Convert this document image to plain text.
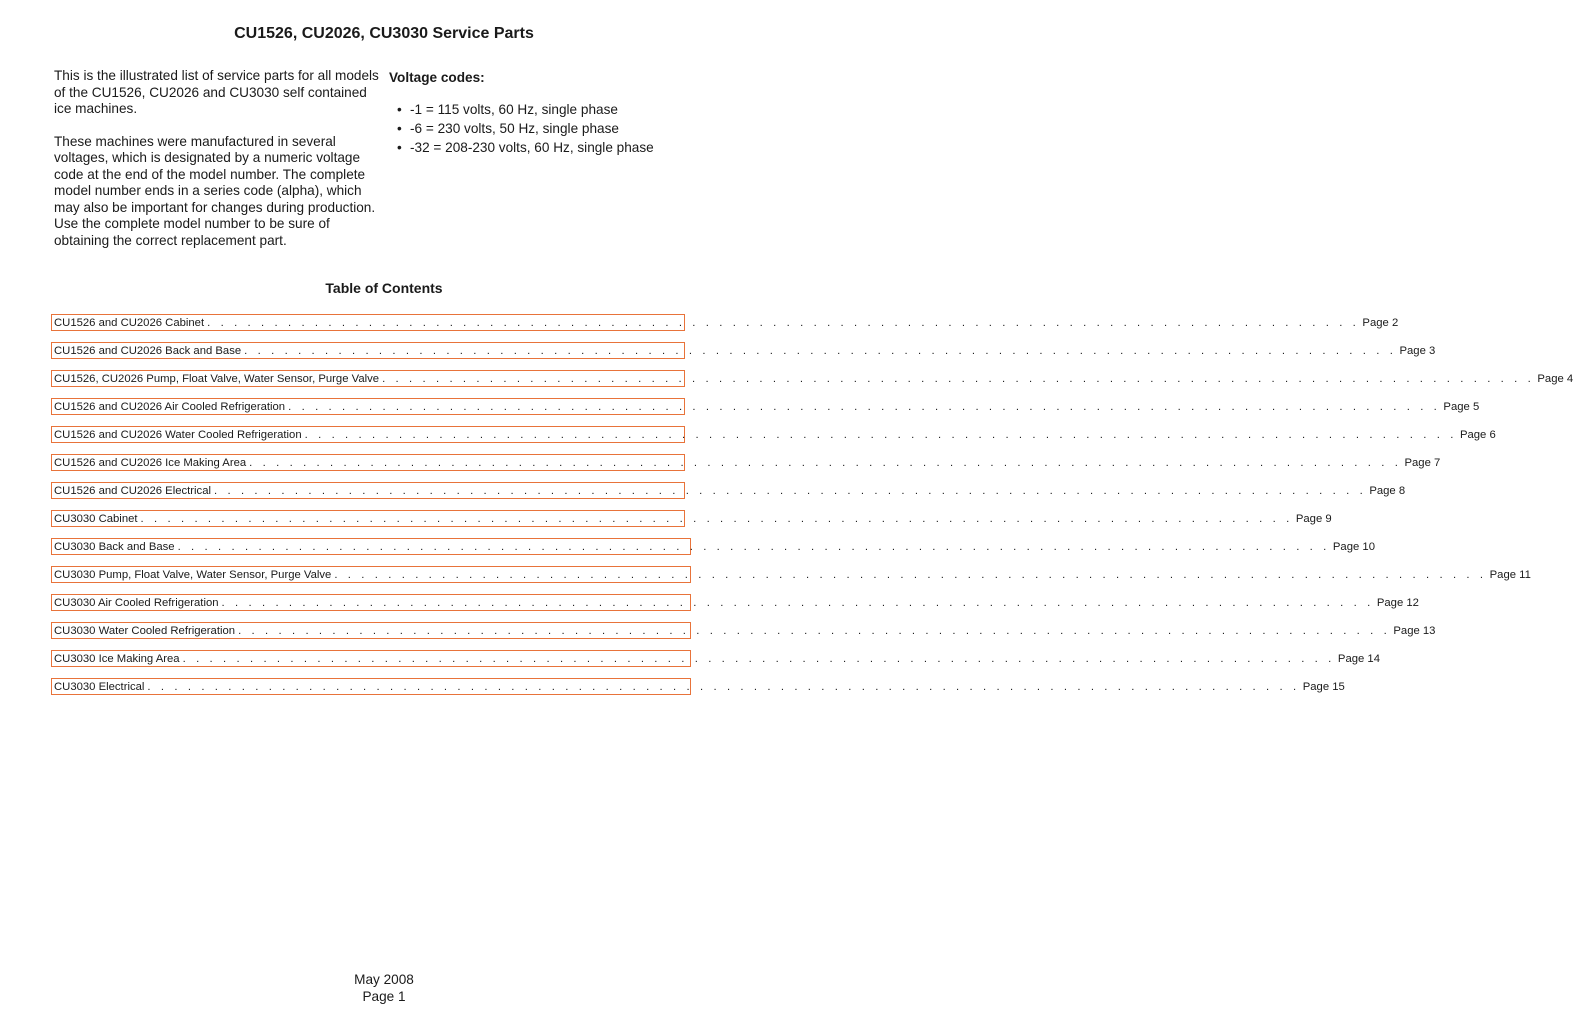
CU1526, CU2026, CU3030 Service Parts

This is the illustrated list of service parts for all models of the CU1526, CU2026 and CU3030 self contained ice machines.

These machines were manufactured in several voltages, which is designated by a numeric voltage code at the end of the model number. The complete model number ends in a series code (alpha), which may also be important for changes during production. Use the complete model number to be sure of obtaining the correct replacement part.

Voltage codes:
• -1 = 115 volts, 60 Hz, single phase
• -6 = 230 volts, 50 Hz, single phase
• -32 = 208-230 volts, 60 Hz, single phase
Table of Contents
CU1526 and CU2026 Cabinet . . . . . . . . . . . . . . . . . . . . . . . . . . . . . . . . . . . . . . . . . . . . . . . . . . . . . . . . . . . . . . . . . . . . . . . . . . . . . . . . . . . . . . Page 2
CU1526 and CU2026 Back and Base . . . . . . . . . . . . . . . . . . . . . . . . . . . . . . . . . . . . . . . . . . . . . . . . . . . . . . . . . . . . . . . . . . . . . . . . . . . . . . . . . . . . . . Page 3
CU1526, CU2026 Pump, Float Valve, Water Sensor, Purge Valve . . . . . . . . . . . . . . . . . . . . . . . . . . . . . . . . . . . . . . . . . . . . . . . . . . . . . . . . . . . . . . . . . . . . . . . . . . . . . . . . . . . . . . Page 4
CU1526 and CU2026 Air Cooled Refrigeration . . . . . . . . . . . . . . . . . . . . . . . . . . . . . . . . . . . . . . . . . . . . . . . . . . . . . . . . . . . . . . . . . . . . . . . . . . . . . . . . . . . . . . Page 5
CU1526 and CU2026 Water Cooled Refrigeration . . . . . . . . . . . . . . . . . . . . . . . . . . . . . . . . . . . . . . . . . . . . . . . . . . . . . . . . . . . . . . . . . . . . . . . . . . . . . . . . . . . . . . Page 6
CU1526 and CU2026 Ice Making Area . . . . . . . . . . . . . . . . . . . . . . . . . . . . . . . . . . . . . . . . . . . . . . . . . . . . . . . . . . . . . . . . . . . . . . . . . . . . . . . . . . . . . . Page 7
CU1526 and CU2026 Electrical . . . . . . . . . . . . . . . . . . . . . . . . . . . . . . . . . . . . . . . . . . . . . . . . . . . . . . . . . . . . . . . . . . . . . . . . . . . . . . . . . . . . . . Page 8
CU3030 Cabinet . . . . . . . . . . . . . . . . . . . . . . . . . . . . . . . . . . . . . . . . . . . . . . . . . . . . . . . . . . . . . . . . . . . . . . . . . . . . . . . . . . . . . . Page 9
CU3030 Back and Base . . . . . . . . . . . . . . . . . . . . . . . . . . . . . . . . . . . . . . . . . . . . . . . . . . . . . . . . . . . . . . . . . . . . . . . . . . . . . . . . . . . . . . Page 10
CU3030 Pump, Float Valve, Water Sensor, Purge Valve . . . . . . . . . . . . . . . . . . . . . . . . . . . . . . . . . . . . . . . . . . . . . . . . . . . . . . . . . . . . . . . . . . . . . . . . . . . . . . . . . . . . . . Page 11
CU3030 Air Cooled Refrigeration . . . . . . . . . . . . . . . . . . . . . . . . . . . . . . . . . . . . . . . . . . . . . . . . . . . . . . . . . . . . . . . . . . . . . . . . . . . . . . . . . . . . . . Page 12
CU3030 Water Cooled Refrigeration . . . . . . . . . . . . . . . . . . . . . . . . . . . . . . . . . . . . . . . . . . . . . . . . . . . . . . . . . . . . . . . . . . . . . . . . . . . . . . . . . . . . . . Page 13
CU3030 Ice Making Area . . . . . . . . . . . . . . . . . . . . . . . . . . . . . . . . . . . . . . . . . . . . . . . . . . . . . . . . . . . . . . . . . . . . . . . . . . . . . . . . . . . . . . Page 14
CU3030 Electrical . . . . . . . . . . . . . . . . . . . . . . . . . . . . . . . . . . . . . . . . . . . . . . . . . . . . . . . . . . . . . . . . . . . . . . . . . . . . . . . . . . . . . . Page 15
May 2008
Page 1
